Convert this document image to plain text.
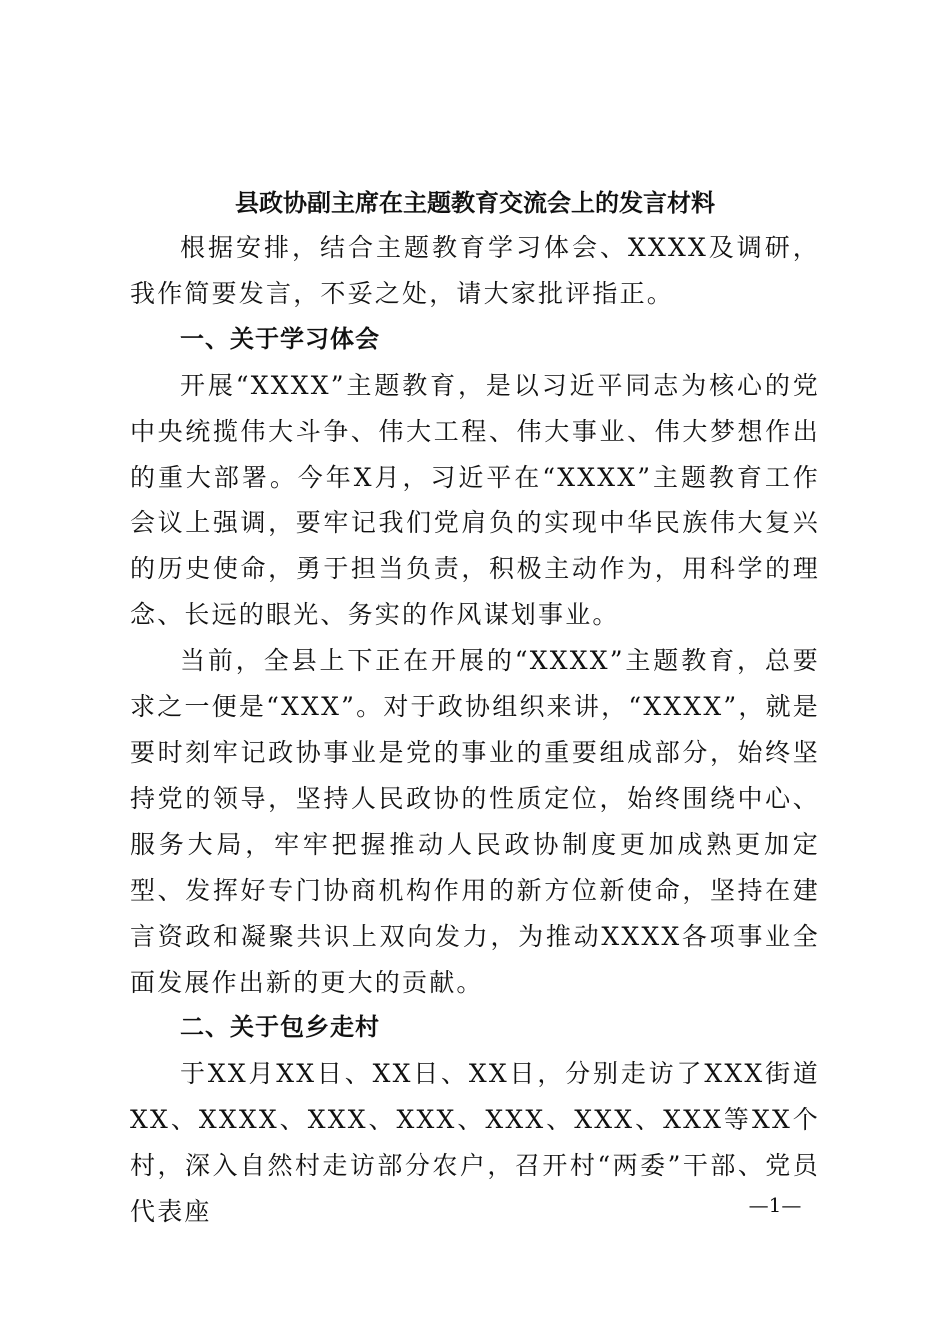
县政协副主席在主题教育交流会上的发言材料

根据安排，结合主题教育学习体会、XXXX及调研，我作简要发言，不妥之处，请大家批评指正。

一、关于学习体会

开展“XXXX”主题教育，是以习近平同志为核心的党中央统揽伟大斗争、伟大工程、伟大事业、伟大梦想作出的重大部署。今年X月，习近平在“XXXX”主题教育工作会议上强调，要牢记我们党肩负的实现中华民族伟大复兴的历史使命，勇于担当负责，积极主动作为，用科学的理念、长远的眼光、务实的作风谋划事业。

当前，全县上下正在开展的“XXXX”主题教育，总要求之一便是“XXX”。对于政协组织来讲，“XXXX”，就是要时刻牢记政协事业是党的事业的重要组成部分，始终坚持党的领导，坚持人民政协的性质定位，始终围绕中心、服务大局，牢牢把握推动人民政协制度更加成熟更加定型、发挥好专门协商机构作用的新方位新使命，坚持在建言资政和凝聚共识上双向发力，为推动XXXX各项事业全面发展作出新的更大的贡献。

二、关于包乡走村

于XX月XX日、XX日、XX日，分别走访了XXX街道XX、XXXX、XXX、XXX、XXX、XXX、XXX等XX个村，深入自然村走访部分农户，召开村“两委”干部、党员代表座	—1—
